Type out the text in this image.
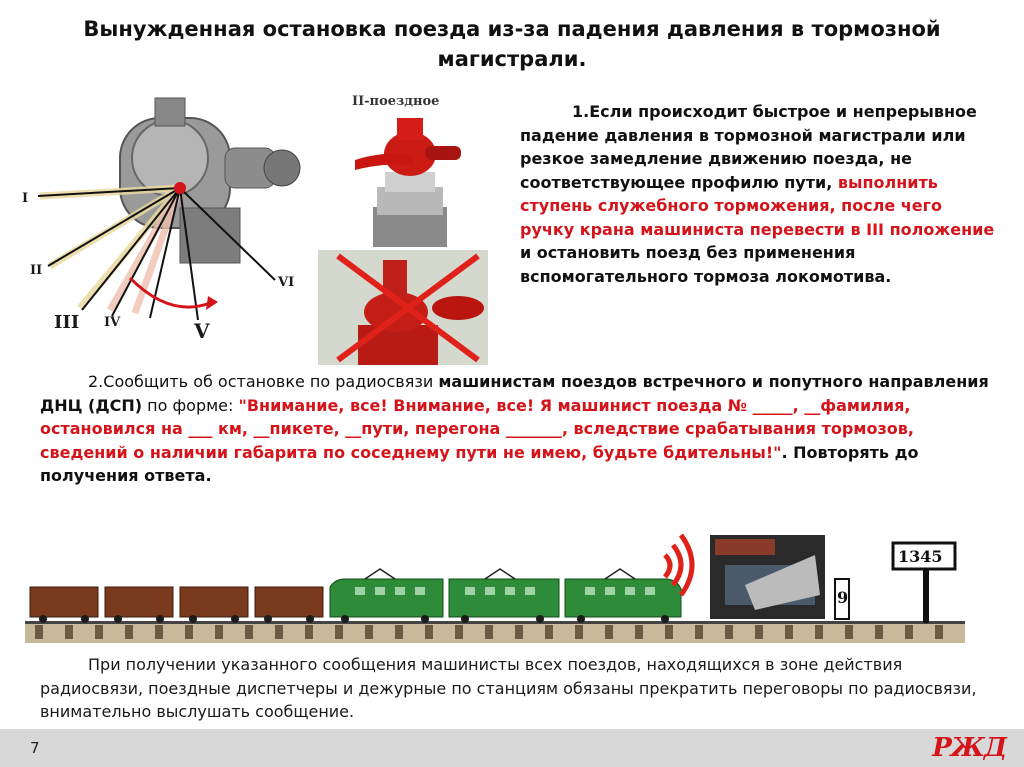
Вынужденная остановка поезда из-за падения давления в тормозной магистрали.
I
II
III IV	V
VI
II-поездное
1.Если происходит быстрое и непрерывное падение давления в тормозной магистрали или резкое замедление движению поезда, не соответствующее профилю пути, выполнить ступень служебного торможения, после чего ручку крана машиниста перевести в III положение и остановить поезд без применения вспомогательного тормоза локомотива.
2.Сообщить об остановке по радиосвязи машинистам поездов встречного и попутного направления ДНЦ (ДСП) по форме: "Внимание, все! Внимание, все! Я машинист поезда № _____, __фамилия, остановился на ___ км, __пикете, __пути, перегона _______, вследствие срабатывания тормозов, сведений о наличии габарита по соседнему пути не имею, будьте бдительны!". Повторять до получения ответа.
9
1345
При получении указанного сообщения машинисты всех поездов, находящихся в зоне действия радиосвязи, поездные диспетчеры и дежурные по станциям обязаны прекратить переговоры по радиосвязи, внимательно выслушать сообщение.
7	РЖД
